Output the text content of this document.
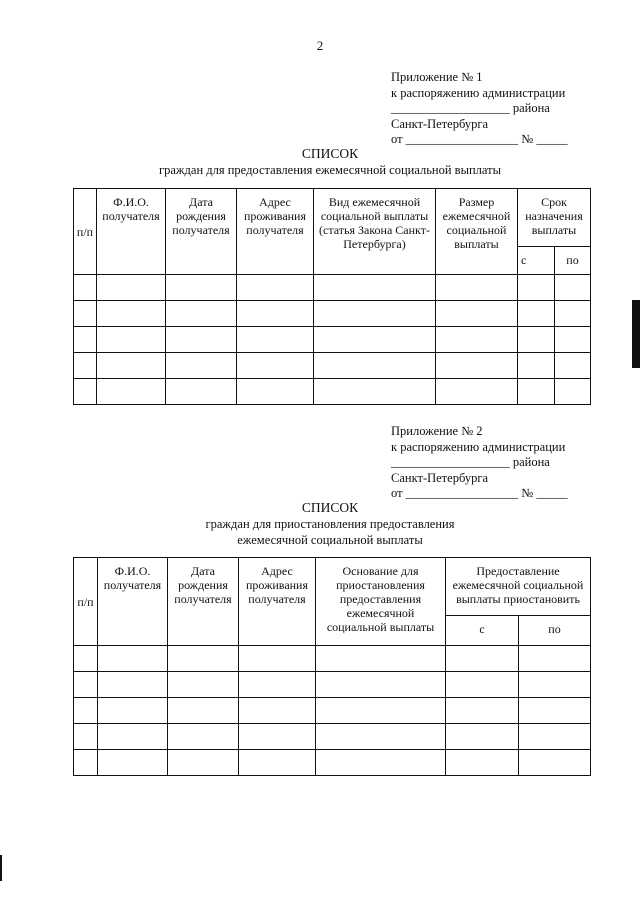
2
Приложение № 1
к распоряжению администрации
___________________ района
Санкт-Петербурга
от __________________ № _____
СПИСОК
граждан для предоставления ежемесячной социальной выплаты
п/п	Ф.И.О. получателя	Дата рождения получателя	Адрес проживания получателя	Вид ежемесячной социальной выплаты (статья Закона Санкт-Петербурга)	Размер ежемесячной социальной выплаты	Срок назначения выплаты	

						с	по

Приложение № 2
к распоряжению администрации
___________________ района
Санкт-Петербурга
от __________________ № _____
СПИСОК
граждан для приостановления предоставления
ежемесячной социальной выплаты
п/п	Ф.И.О. получателя	Дата рождения получателя	Адрес проживания получателя	Основание для приостановления предоставления ежемесячной социальной выплаты	Предоставление ежемесячной социальной выплаты приостановить	

					с	по
